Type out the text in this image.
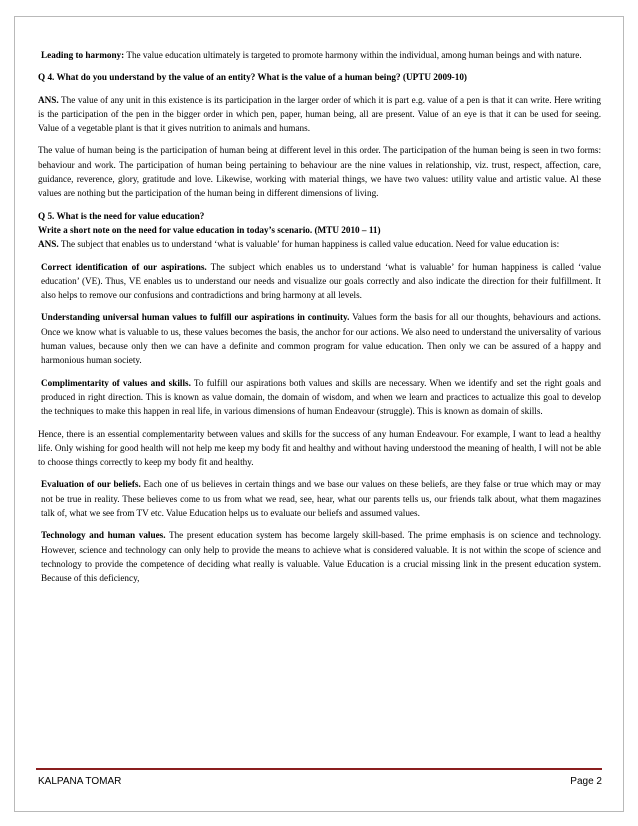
Leading to harmony: The value education ultimately is targeted to promote harmony within the individual, among human beings and with nature.

Q 4. What do you understand by the value of an entity? What is the value of a human being? (UPTU 2009-10)

ANS. The value of any unit in this existence is its participation in the larger order of which it is part e.g. value of a pen is that it can write. Here writing is the participation of the pen in the bigger order in which pen, paper, human being, all are present. Value of an eye is that it can be used for seeing. Value of a vegetable plant is that it gives nutrition to animals and humans.

The value of human being is the participation of human being at different level in this order. The participation of the human being is seen in two forms: behaviour and work. The participation of human being pertaining to behaviour are the nine values in relationship, viz. trust, respect, affection, care, guidance, reverence, glory, gratitude and love. Likewise, working with material things, we have two values: utility value and artistic value. Al these values are nothing but the participation of the human being in different dimensions of living.

Q 5. What is the need for value education?
Write a short note on the need for value education in today’s scenario. (MTU 2010 – 11)
ANS. The subject that enables us to understand ‘what is valuable’ for human happiness is called value education. Need for value education is:

Correct identification of our aspirations. The subject which enables us to understand ‘what is valuable’ for human happiness is called ‘value education’ (VE). Thus, VE enables us to understand our needs and visualize our goals correctly and also indicate the direction for their fulfillment. It also helps to remove our confusions and contradictions and bring harmony at all levels.

Understanding universal human values to fulfill our aspirations in continuity. Values form the basis for all our thoughts, behaviours and actions. Once we know what is valuable to us, these values becomes the basis, the anchor for our actions. We also need to understand the universality of various human values, because only then we can have a definite and common program for value education. Then only we can be assured of a happy and harmonious human society.

Complimentarity of values and skills. To fulfill our aspirations both values and skills are necessary. When we identify and set the right goals and produced in right direction. This is known as value domain, the domain of wisdom, and when we learn and practices to actualize this goal to develop the techniques to make this happen in real life, in various dimensions of human Endeavour (struggle). This is known as domain of skills.

Hence, there is an essential complementarity between values and skills for the success of any human Endeavour. For example, I want to lead a healthy life. Only wishing for good health will not help me keep my body fit and healthy and without having understood the meaning of health, I will not be able to choose things correctly to keep my body fit and healthy.

Evaluation of our beliefs. Each one of us believes in certain things and we base our values on these beliefs, are they false or true which may or may not be true in reality. These believes come to us from what we read, see, hear, what our parents tells us, our friends talk about, what them magazines talk of, what we see from TV etc. Value Education helps us to evaluate our beliefs and assumed values.

Technology and human values. The present education system has become largely skill-based. The prime emphasis is on science and technology. However, science and technology can only help to provide the means to achieve what is considered valuable. It is not within the scope of science and technology to provide the competence of deciding what really is valuable. Value Education is a crucial missing link in the present education system. Because of this deficiency,

KALPANA TOMAR	Page 2
